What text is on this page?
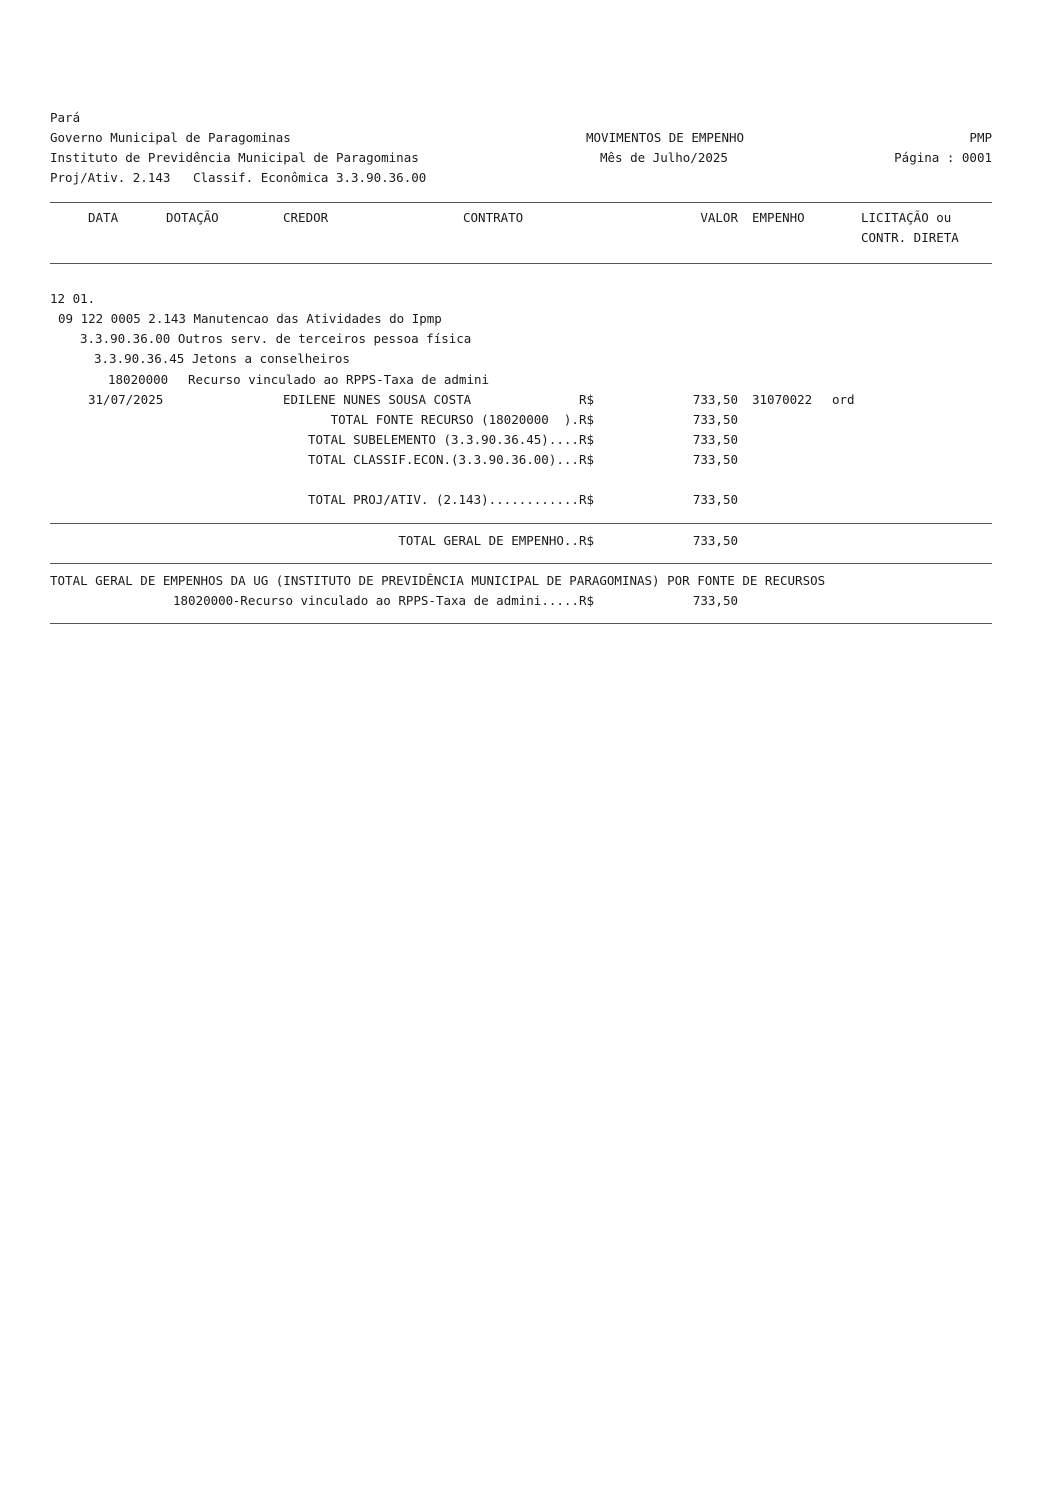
Pará
Governo Municipal de Paragominas
Instituto de Previdência Municipal de Paragominas
Proj/Ativ. 2.143   Classif. Econômica 3.3.90.36.00
MOVIMENTOS DE EMPENHO
Mês de Julho/2025
PMP
Página : 0001
DATA	DOTAÇÃO	CREDOR	CONTRATO	VALOR EMPENHO	LICITAÇÃO ou
CONTR. DIRETA
12 01.
09 122 0005 2.143 Manutencao das Atividades do Ipmp
3.3.90.36.00 Outros serv. de terceiros pessoa física
3.3.90.36.45 Jetons a conselheiros
18020000 Recurso vinculado ao RPPS-Taxa de admini
31/07/2025	EDILENE NUNES SOUSA COSTA	R$	733,50 31070022 ord
TOTAL FONTE RECURSO (18020000  ).R$	733,50
TOTAL SUBELEMENTO (3.3.90.36.45)....R$	733,50
TOTAL CLASSIF.ECON.(3.3.90.36.00)...R$	733,50
TOTAL PROJ/ATIV. (2.143)............R$	733,50
TOTAL GERAL DE EMPENHO..R$	733,50
TOTAL GERAL DE EMPENHOS DA UG (INSTITUTO DE PREVIDÊNCIA MUNICIPAL DE PARAGOMINAS) POR FONTE DE RECURSOS
18020000 -Recurso vinculado ao RPPS-Taxa de admini.....R$	733,50
